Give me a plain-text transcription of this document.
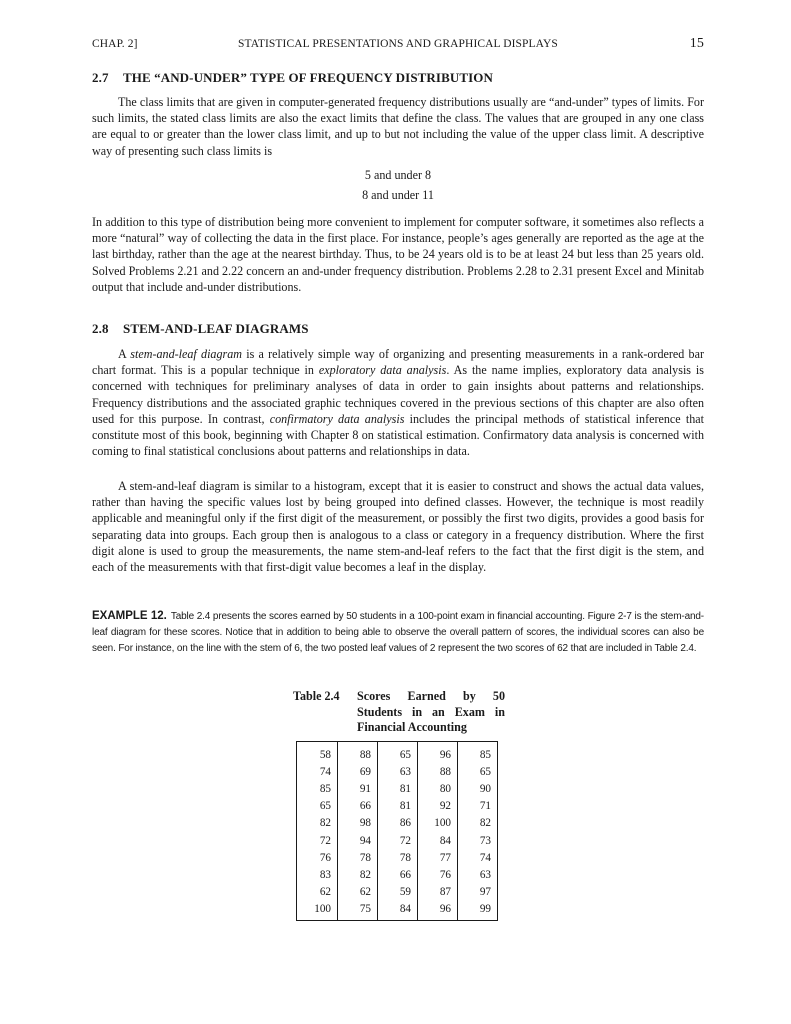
CHAP. 2]	STATISTICAL PRESENTATIONS AND GRAPHICAL DISPLAYS	15
2.7 THE “AND-UNDER” TYPE OF FREQUENCY DISTRIBUTION

The class limits that are given in computer-generated frequency distributions usually are “and-under” types of limits. For such limits, the stated class limits are also the exact limits that define the class. The values that are grouped in any one class are equal to or greater than the lower class limit, and up to but not including the value of the upper class limit. A descriptive way of presenting such class limits is

5 and under 8
8 and under 11

In addition to this type of distribution being more convenient to implement for computer software, it sometimes also reflects a more “natural” way of collecting the data in the first place. For instance, people’s ages generally are reported as the age at the last birthday, rather than the age at the nearest birthday. Thus, to be 24 years old is to be at least 24 but less than 25 years old. Solved Problems 2.21 and 2.22 concern an and-under frequency distribution. Problems 2.28 to 2.31 present Excel and Minitab output that include and-under distributions.

2.8 STEM-AND-LEAF DIAGRAMS

A stem-and-leaf diagram is a relatively simple way of organizing and presenting measurements in a rank-ordered bar chart format. This is a popular technique in exploratory data analysis. As the name implies, exploratory data analysis is concerned with techniques for preliminary analyses of data in order to gain insights about patterns and relationships. Frequency distributions and the associated graphic techniques covered in the previous sections of this chapter are also often used for this purpose. In contrast, confirmatory data analysis includes the principal methods of statistical inference that constitute most of this book, beginning with Chapter 8 on statistical estimation. Confirmatory data analysis is concerned with coming to final statistical conclusions about patterns and relationships in data.

A stem-and-leaf diagram is similar to a histogram, except that it is easier to construct and shows the actual data values, rather than having the specific values lost by being grouped into defined classes. However, the technique is most readily applicable and meaningful only if the first digit of the measurement, or possibly the first two digits, provides a good basis for separating data into groups. Each group then is analogous to a class or category in a frequency distribution. Where the first digit alone is used to group the measurements, the name stem-and-leaf refers to the fact that the first digit is the stem, and each of the measurements with that first-digit value becomes a leaf in the display.

EXAMPLE 12. Table 2.4 presents the scores earned by 50 students in a 100-point exam in financial accounting. Figure 2-7 is the stem-and-leaf diagram for these scores. Notice that in addition to being able to observe the overall pattern of scores, the individual scores can also be seen. For instance, on the line with the stem of 6, the two posted leaf values of 2 represent the two scores of 62 that are included in Table 2.4.

Table 2.4 Scores Earned by 50 Students in an Exam in Financial Accounting
58
74
85
65
82
72
76
83
62
100
88
69
91
66
98
94
78
82
62
75
65
63
81
81
86
72
78
66
59
84
96
88
80
92
100
84
77
76
87
96
85
65
90
71
82
73
74
63
97
99
